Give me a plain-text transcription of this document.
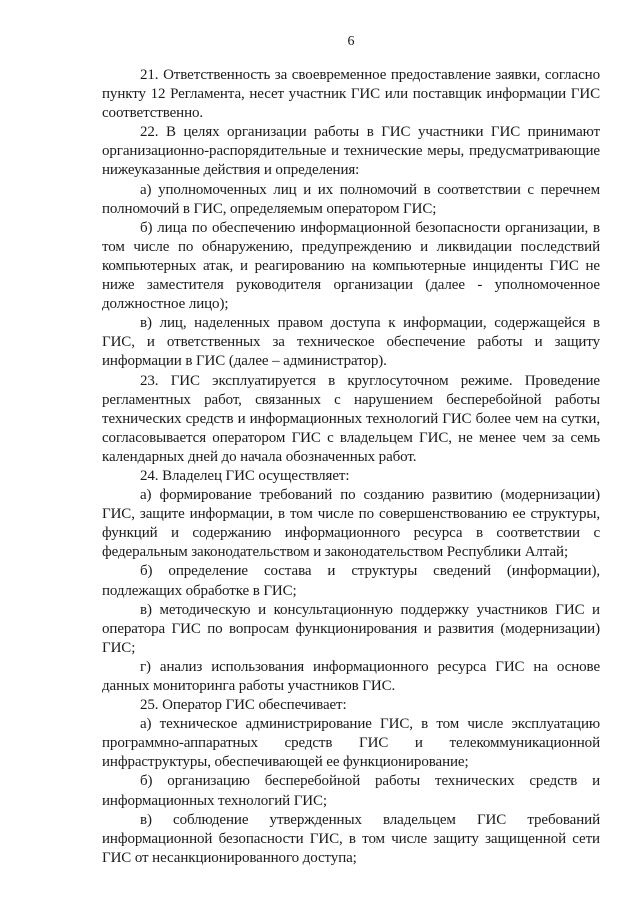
6

21. Ответственность за своевременное предоставление заявки, согласно пункту 12 Регламента, несет участник ГИС или поставщик информации ГИС соответственно.

22. В целях организации работы в ГИС участники ГИС принимают организационно-распорядительные и технические меры, предусматривающие нижеуказанные действия и определения:

а) уполномоченных лиц и их полномочий в соответствии с перечнем полномочий в ГИС, определяемым оператором ГИС;

б) лица по обеспечению информационной безопасности организации, в том числе по обнаружению, предупреждению и ликвидации последствий компьютерных атак, и реагированию на компьютерные инциденты ГИС не ниже заместителя руководителя организации (далее - уполномоченное должностное лицо);

в) лиц, наделенных правом доступа к информации, содержащейся в ГИС, и ответственных за техническое обеспечение работы и защиту информации в ГИС (далее – администратор).

23. ГИС эксплуатируется в круглосуточном режиме. Проведение регламентных работ, связанных с нарушением бесперебойной работы технических средств и информационных технологий ГИС более чем на сутки, согласовывается оператором ГИС с владельцем ГИС, не менее чем за семь календарных дней до начала обозначенных работ.

24. Владелец ГИС осуществляет:

а) формирование требований по созданию развитию (модернизации) ГИС, защите информации, в том числе по совершенствованию ее структуры, функций и содержанию информационного ресурса в соответствии с федеральным законодательством и законодательством Республики Алтай;

б) определение состава и структуры сведений (информации), подлежащих обработке в ГИС;

в) методическую и консультационную поддержку участников ГИС и оператора ГИС по вопросам функционирования и развития (модернизации) ГИС;

г) анализ использования информационного ресурса ГИС на основе данных мониторинга работы участников ГИС.

25. Оператор ГИС обеспечивает:

а) техническое администрирование ГИС, в том числе эксплуатацию программно-аппаратных средств ГИС и телекоммуникационной инфраструктуры, обеспечивающей ее функционирование;

б) организацию бесперебойной работы технических средств и информационных технологий ГИС;

в) соблюдение утвержденных владельцем ГИС требований информационной безопасности ГИС, в том числе защиту защищенной сети ГИС от несанкционированного доступа;
